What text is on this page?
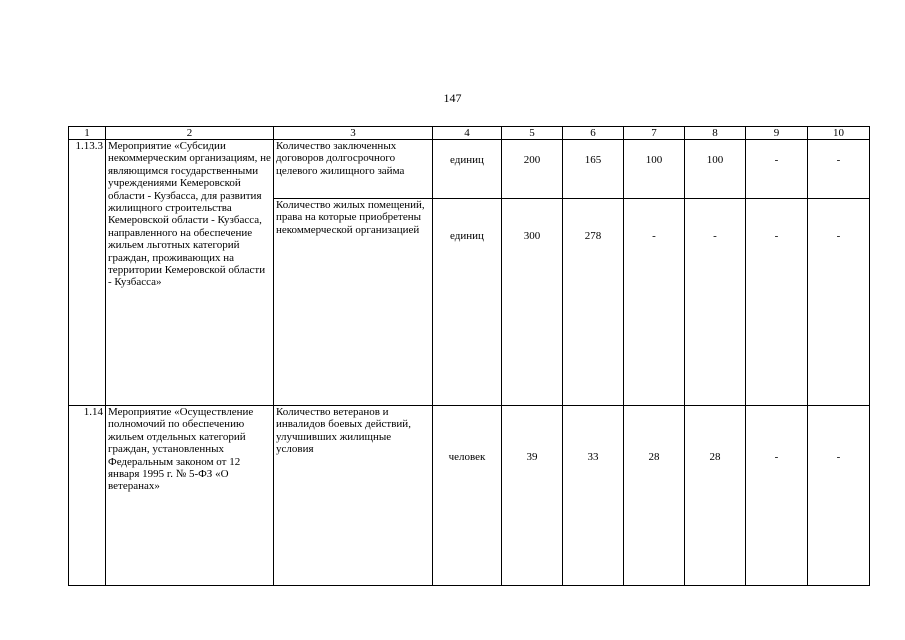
147
1	2	3	4	5	6	7	8	9	10
1.13.3	Мероприятие «Субсидии некоммерческим организациям, не являющимся государственными учреждениями Кемеровской области - Кузбасса, для развития жилищного строительства Кемеровской области - Кузбасса, направленного на обеспечение жильем льготных категорий граждан, проживающих на территории Кемеровской области - Кузбасса»	Количество заключенных договоров долгосрочного целевого жилищного займа	единиц	200	165	100	100	-	-
		Количество жилых помещений, права на которые приобретены некоммерческой организацией	единиц	300	278	-	-	-	-
1.14	Мероприятие «Осуществление полномочий по обеспечению жильем отдельных категорий граждан, установленных Федеральным законом от 12 января 1995 г. № 5-ФЗ «О ветеранах»	Количество ветеранов и инвалидов боевых действий, улучшивших жилищные условия	человек	39	33	28	28	-	-
